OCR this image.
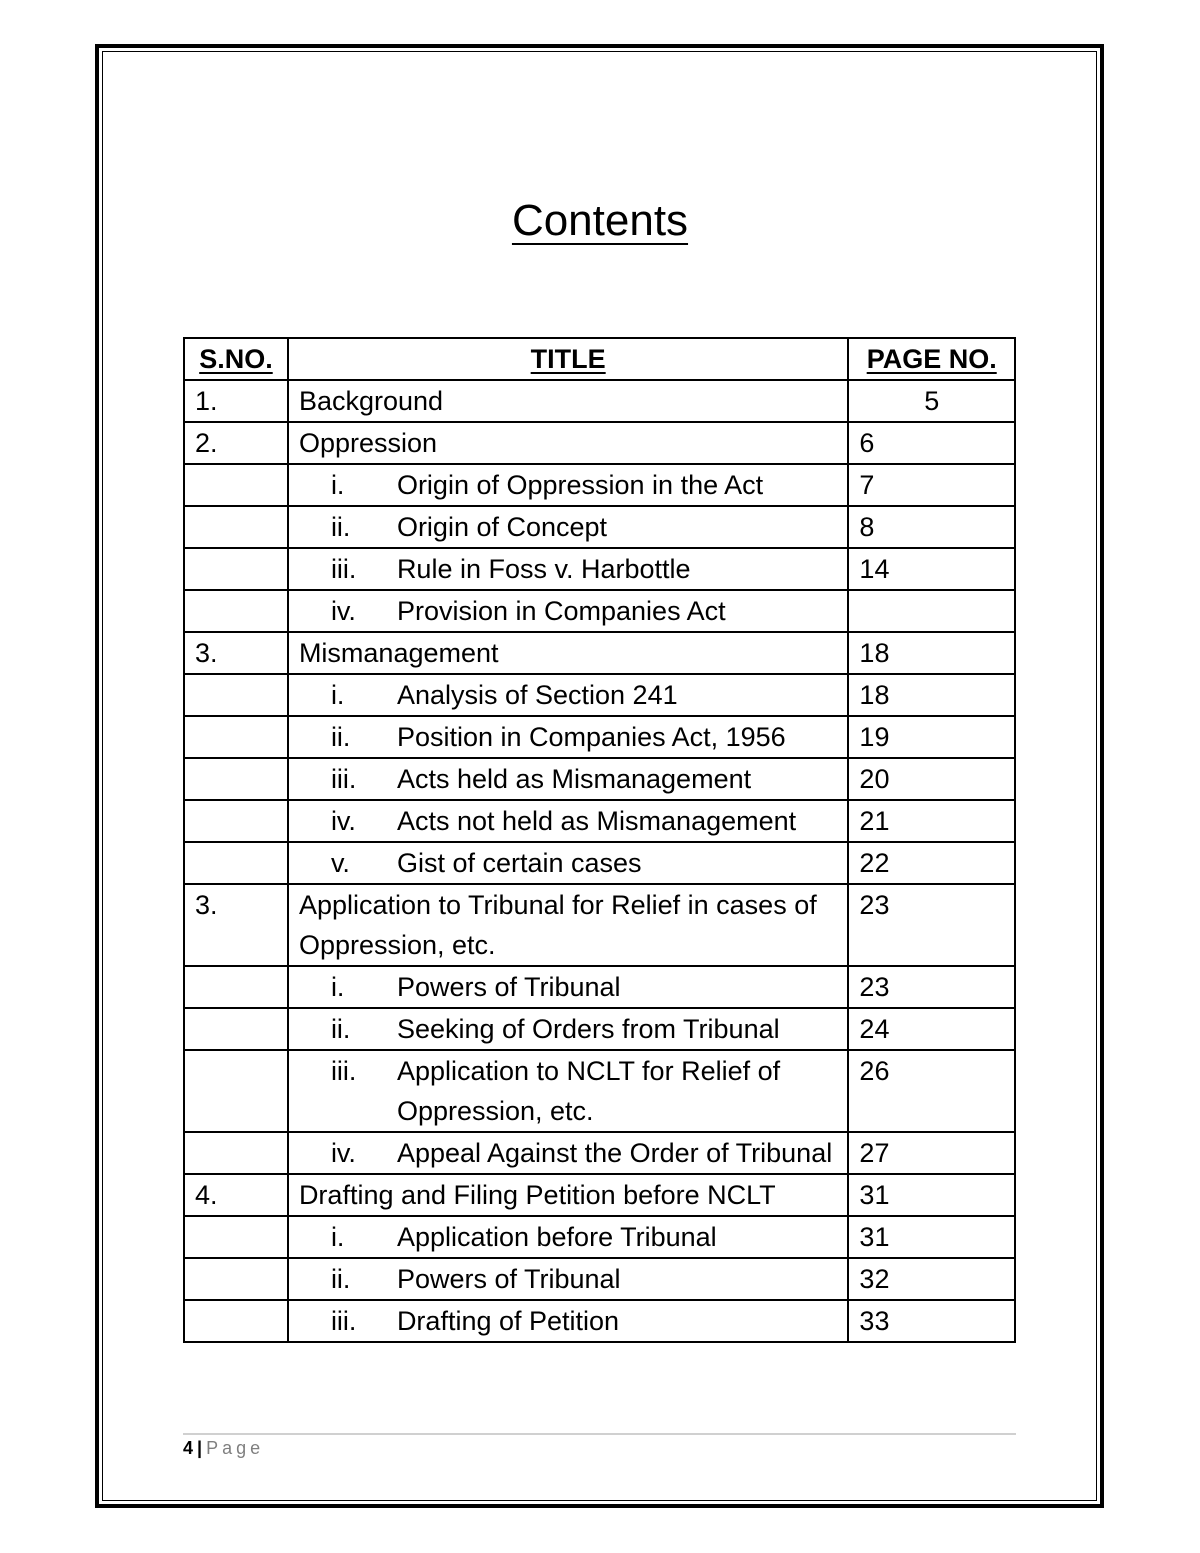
Contents
S.NO.	TITLE	PAGE NO.
1.	Background	5
2.	Oppression	6

	i. Origin of Oppression in the Act	7

	ii. Origin of Concept	8

	iii. Rule in Foss v. Harbottle	14

	iv. Provision in Companies Act	

3.	Mismanagement	18

	i. Analysis of Section 241	18

	ii. Position in Companies Act, 1956	19

	iii. Acts held as Mismanagement	20

	iv. Acts not held as Mismanagement	21

	v. Gist of certain cases	22
3.	Application to Tribunal for Relief in cases of Oppression, etc.	23

	i. Powers of Tribunal	23

	ii. Seeking of Orders from Tribunal	24

	iii. Application to NCLT for Relief of Oppression, etc.	26

	iv. Appeal Against the Order of Tribunal	27
4.	Drafting and Filing Petition before NCLT	31

	i. Application before Tribunal	31

	ii. Powers of Tribunal	32

	iii. Drafting of Petition	33
4 | Page
